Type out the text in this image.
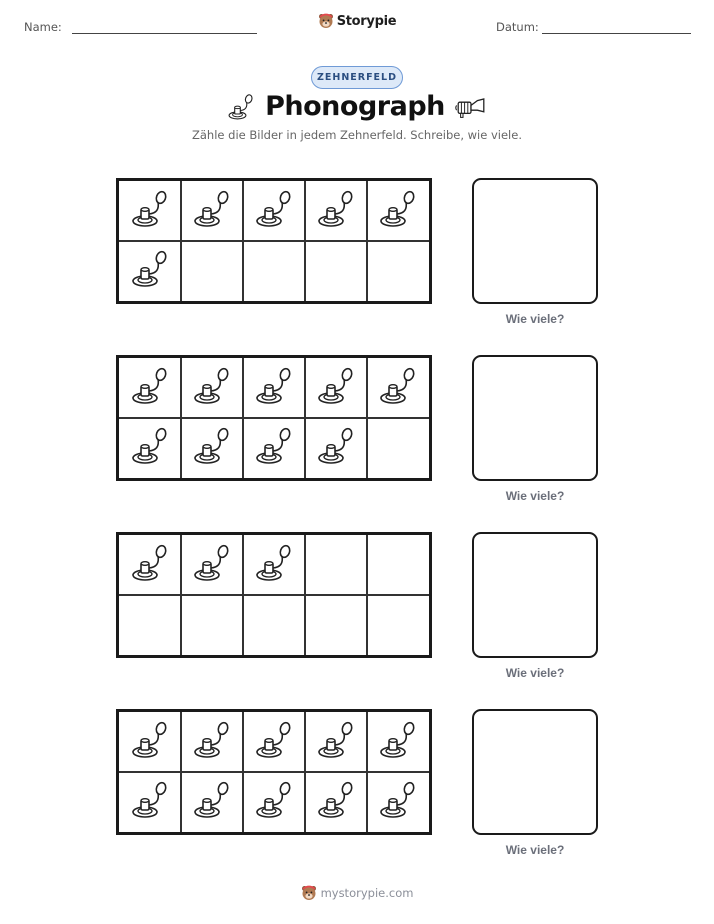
Name:	Storypie	Datum:
ZEHNERFELD
Phonograph
Zähle die Bilder in jedem Zehnerfeld. Schreibe, wie viele.
Wie viele?
Wie viele?
Wie viele?
Wie viele?
mystorypie.com
